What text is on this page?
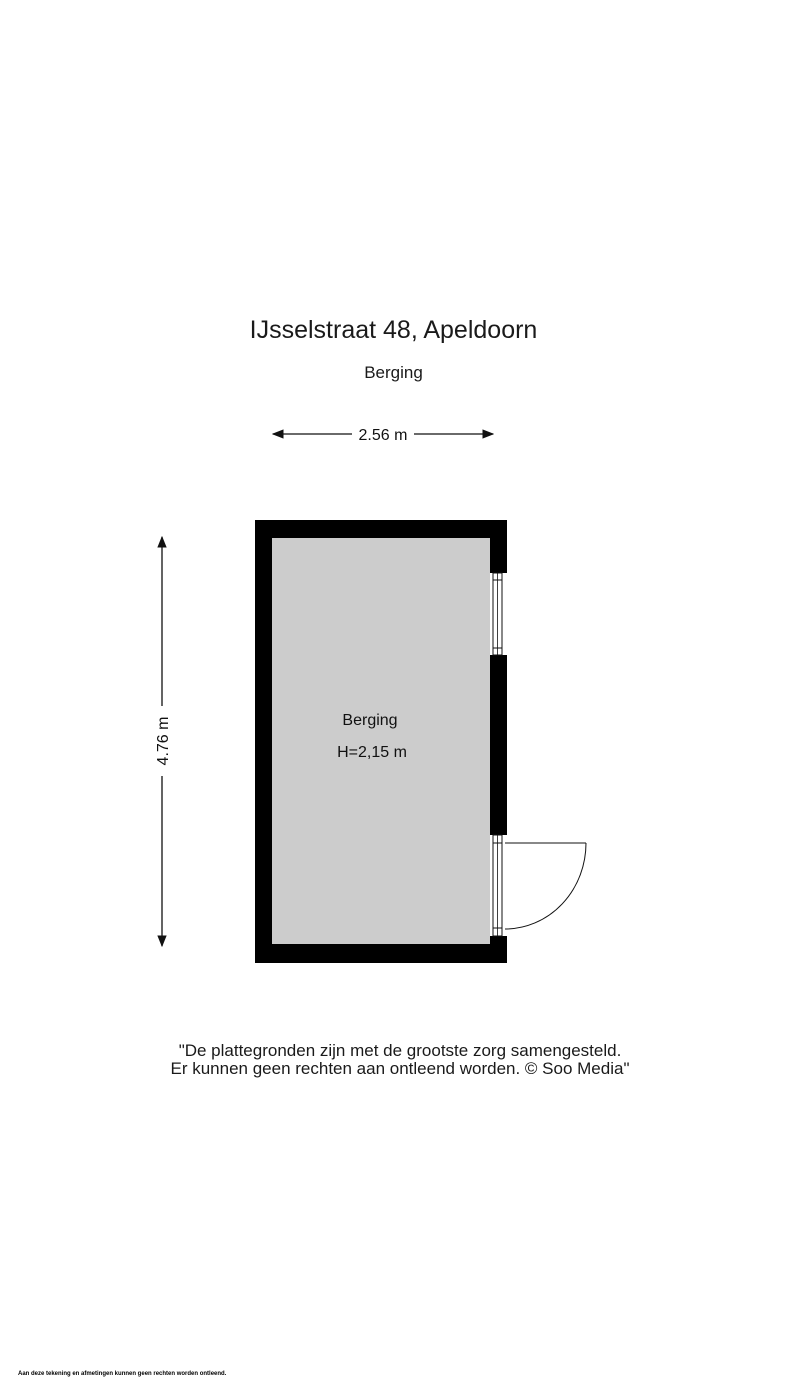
IJsselstraat 48, Apeldoorn
Berging
2.56 m
4.76 m	Berging
H=2,15 m
"De plattegronden zijn met de grootste zorg samengesteld.
Er kunnen geen rechten aan ontleend worden. © Soo Media"
Aan deze tekening en afmetingen kunnen geen rechten worden ontleend.
